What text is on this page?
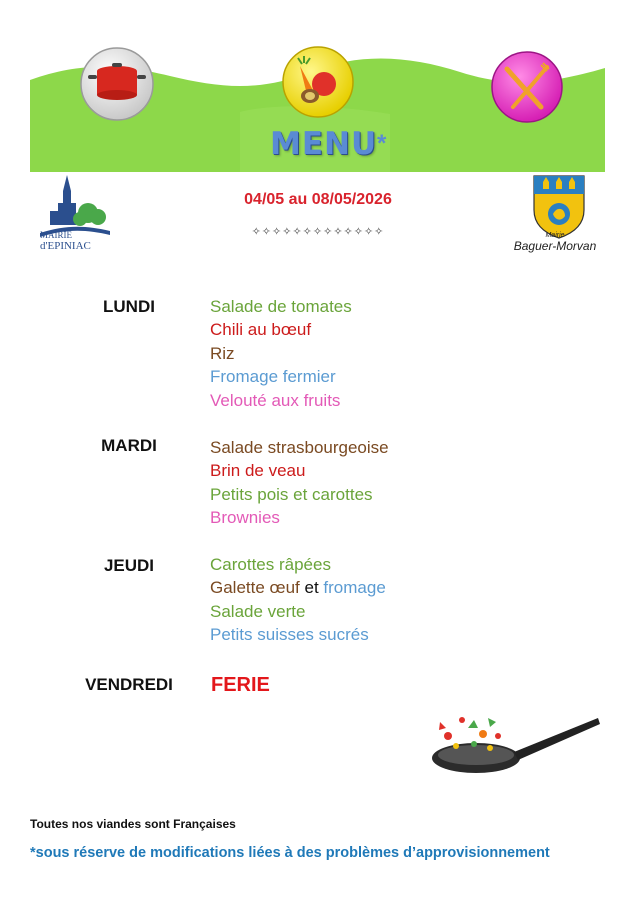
MENU *
MAIRIE
d'EPINIAC
04/05 au 08/05/2026
✧✧✧✧✧✧✧✧✧✧✧✧✧	Mairie
Baguer-Morvan
LUNDI	Salade de tomates
Chili au bœuf
Riz
Fromage fermier
Velouté aux fruits
MARDI	Salade strasbourgeoise
Brin de veau
Petits pois et carottes
Brownies
JEUDI	Carottes râpées
Galette œuf et fromage
Salade verte
Petits suisses sucrés
VENDREDI	FERIE
Toutes nos viandes sont Françaises
*sous réserve de modifications liées à des problèmes d’approvisionnement
